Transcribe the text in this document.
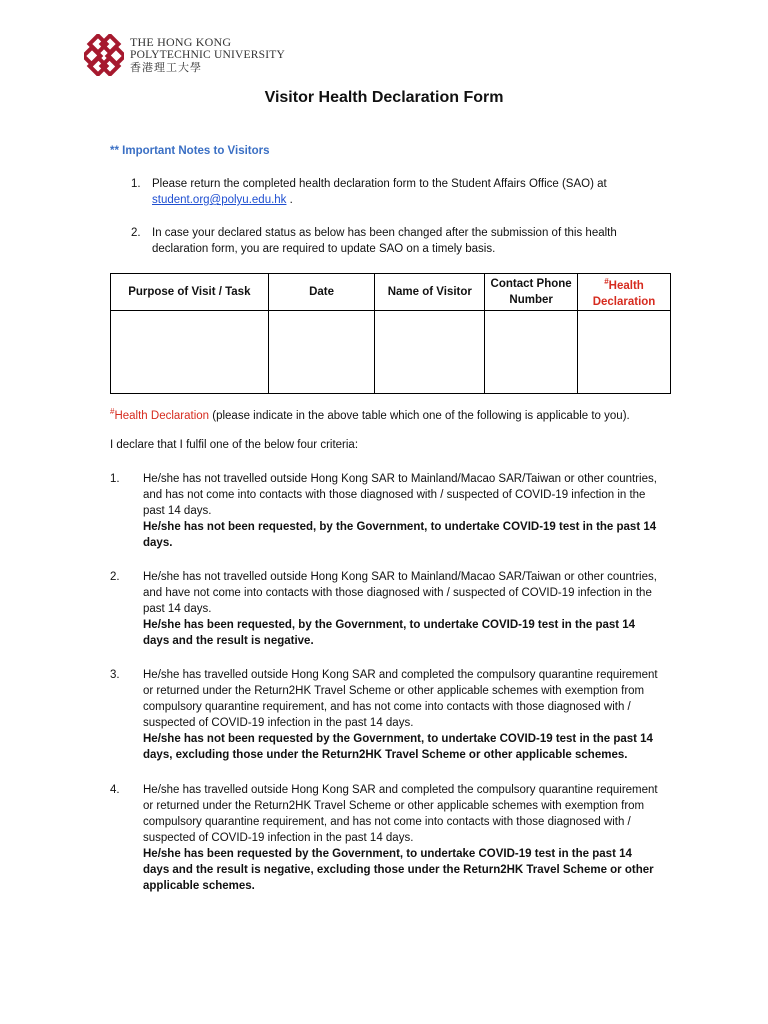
THE HONG KONG
POLYTECHNIC UNIVERSITY
香港理工大學
Visitor Health Declaration Form
** Important Notes to Visitors
1. Please return the completed health declaration form to the Student Affairs Office (SAO) at
student.org@polyu.edu.hk .
2. In case your declared status as below has been changed after the submission of this health declaration form, you are required to update SAO on a timely basis.
Purpose of Visit / Task	Date	Name of Visitor	Contact Phone Number	#Health Declaration

#Health Declaration (please indicate in the above table which one of the following is applicable to you).
I declare that I fulfil one of the below four criteria:
1. He/she has not travelled outside Hong Kong SAR to Mainland/Macao SAR/Taiwan or other countries, and has not come into contacts with those diagnosed with / suspected of COVID-19 infection in the past 14 days.
He/she has not been requested, by the Government, to undertake COVID-19 test in the past 14 days.
2. He/she has not travelled outside Hong Kong SAR to Mainland/Macao SAR/Taiwan or other countries, and have not come into contacts with those diagnosed with / suspected of COVID-19 infection in the past 14 days.
He/she has been requested, by the Government, to undertake COVID-19 test in the past 14 days and the result is negative.
3. He/she has travelled outside Hong Kong SAR and completed the compulsory quarantine requirement or returned under the Return2HK Travel Scheme or other applicable schemes with exemption from compulsory quarantine requirement, and has not come into contacts with those diagnosed with / suspected of COVID-19 infection in the past 14 days.
He/she has not been requested by the Government, to undertake COVID-19 test in the past 14 days, excluding those under the Return2HK Travel Scheme or other applicable schemes.
4. He/she has travelled outside Hong Kong SAR and completed the compulsory quarantine requirement or returned under the Return2HK Travel Scheme or other applicable schemes with exemption from compulsory quarantine requirement, and has not come into contacts with those diagnosed with / suspected of COVID-19 infection in the past 14 days.
He/she has been requested by the Government, to undertake COVID-19 test in the past 14 days and the result is negative, excluding those under the Return2HK Travel Scheme or other applicable schemes.
